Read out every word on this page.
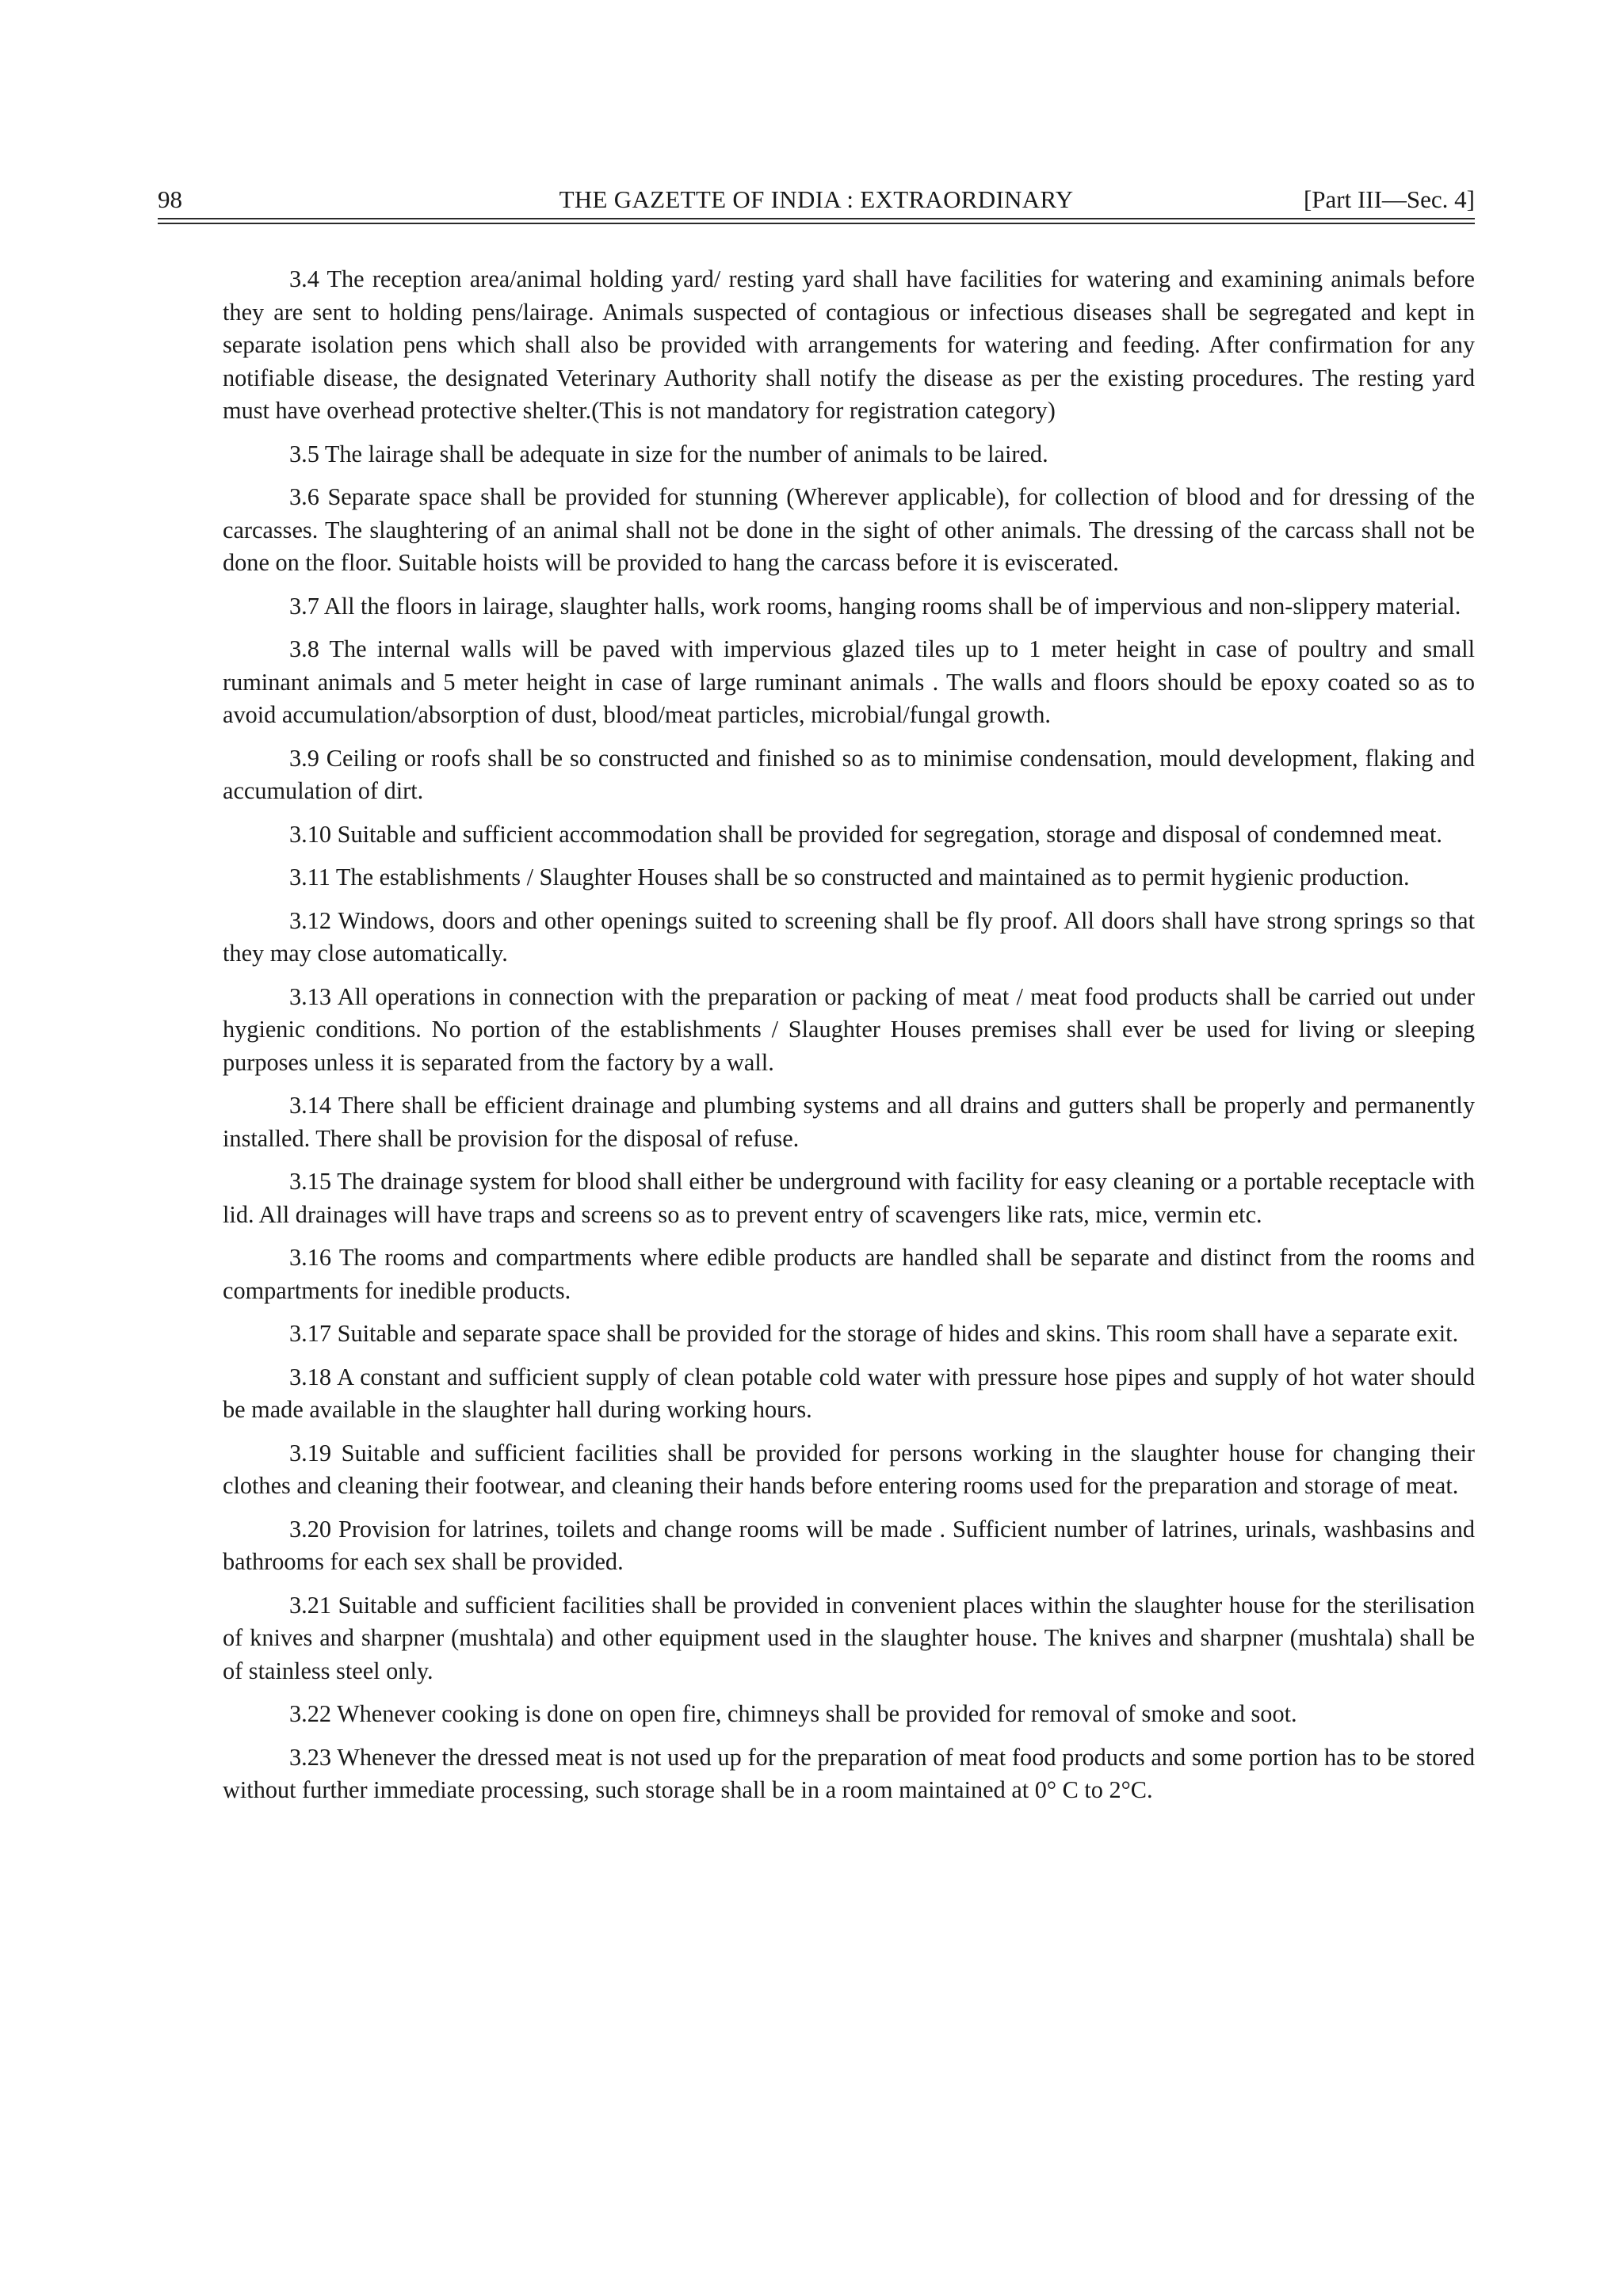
98	THE GAZETTE OF INDIA : EXTRAORDINARY	[Part III—Sec. 4]

3.4 The reception area/animal holding yard/ resting yard shall have facilities for watering and examining animals before they are sent to holding pens/lairage. Animals suspected of contagious or infectious diseases shall be segregated and kept in separate isolation pens which shall also be provided with arrangements for watering and feeding. After confirmation for any notifiable disease, the designated Veterinary Authority shall notify the disease as per the existing procedures. The resting yard must have overhead protective shelter.(This is not mandatory for registration category)

3.5 The lairage shall be adequate in size for the number of animals to be laired.

3.6 Separate space shall be provided for stunning (Wherever applicable), for collection of blood and for dressing of the carcasses. The slaughtering of an animal shall not be done in the sight of other animals. The dressing of the carcass shall not be done on the floor. Suitable hoists will be provided to hang the carcass before it is eviscerated.

3.7 All the floors in lairage, slaughter halls, work rooms, hanging rooms shall be of impervious and non-slippery material.

3.8 The internal walls will be paved with impervious glazed tiles up to 1 meter height in case of poultry and small ruminant animals and 5 meter height in case of large ruminant animals . The walls and floors should be epoxy coated so as to avoid accumulation/absorption of dust, blood/meat particles, microbial/fungal growth.

3.9 Ceiling or roofs shall be so constructed and finished so as to minimise condensation, mould development, flaking and accumulation of dirt.

3.10 Suitable and sufficient accommodation shall be provided for segregation, storage and disposal of condemned meat.

3.11 The establishments / Slaughter Houses shall be so constructed and maintained as to permit hygienic production.

3.12 Windows, doors and other openings suited to screening shall be fly proof. All doors shall have strong springs so that they may close automatically.

3.13 All operations in connection with the preparation or packing of meat / meat food products shall be carried out under hygienic conditions. No portion of the establishments / Slaughter Houses premises shall ever be used for living or sleeping purposes unless it is separated from the factory by a wall.

3.14 There shall be efficient drainage and plumbing systems and all drains and gutters shall be properly and permanently installed. There shall be provision for the disposal of refuse.

3.15 The drainage system for blood shall either be underground with facility for easy cleaning or a portable receptacle with lid. All drainages will have traps and screens so as to prevent entry of scavengers like rats, mice, vermin etc.

3.16 The rooms and compartments where edible products are handled shall be separate and distinct from the rooms and compartments for inedible products.

3.17 Suitable and separate space shall be provided for the storage of hides and skins. This room shall have a separate exit.

3.18 A constant and sufficient supply of clean potable cold water with pressure hose pipes and supply of hot water should be made available in the slaughter hall during working hours.

3.19 Suitable and sufficient facilities shall be provided for persons working in the slaughter house for changing their clothes and cleaning their footwear, and cleaning their hands before entering rooms used for the preparation and storage of meat.

3.20 Provision for latrines, toilets and change rooms will be made . Sufficient number of latrines, urinals, washbasins and bathrooms for each sex shall be provided.

3.21 Suitable and sufficient facilities shall be provided in convenient places within the slaughter house for the sterilisation of knives and sharpner (mushtala) and other equipment used in the slaughter house. The knives and sharpner (mushtala) shall be of stainless steel only.

3.22 Whenever cooking is done on open fire, chimneys shall be provided for removal of smoke and soot.

3.23 Whenever the dressed meat is not used up for the preparation of meat food products and some portion has to be stored without further immediate processing, such storage shall be in a room maintained at 0° C to 2°C.
